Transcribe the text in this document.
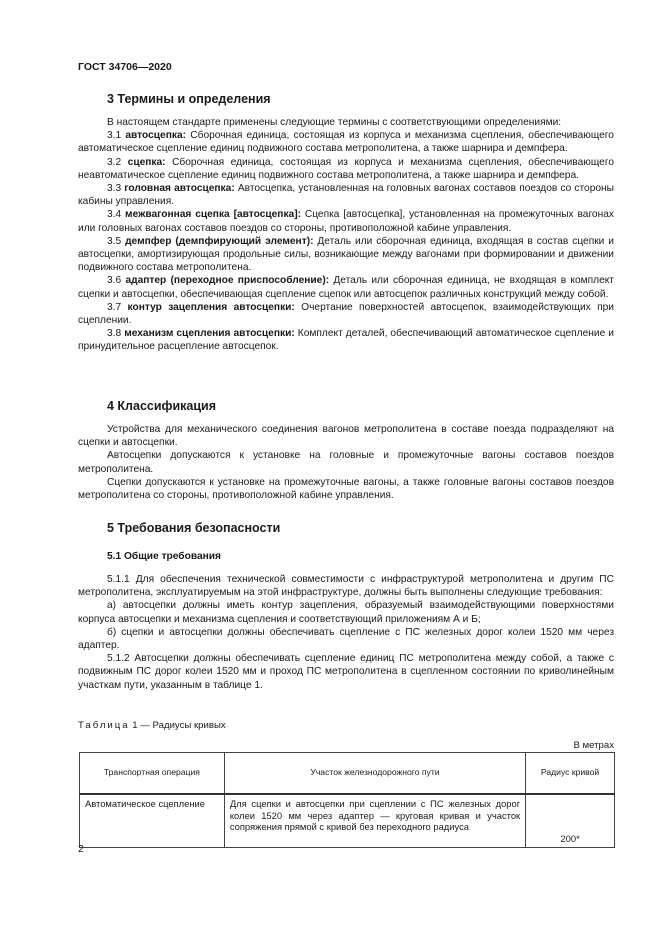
ГОСТ 34706—2020
3 Термины и определения

В настоящем стандарте применены следующие термины с соответствующими определениями:

3.1 автосцепка: Сборочная единица, состоящая из корпуса и механизма сцепления, обеспечивающего автоматическое сцепление единиц подвижного состава метрополитена, а также шарнира и демпфера.

3.2 сцепка: Сборочная единица, состоящая из корпуса и механизма сцепления, обеспечивающего неавтоматическое сцепление единиц подвижного состава метрополитена, а также шарнира и демпфера.

3.3 головная автосцепка: Автосцепка, установленная на головных вагонах составов поездов со стороны кабины управления.

3.4 межвагонная сцепка [автосцепка]: Сцепка [автосцепка], установленная на промежуточных вагонах или головных вагонах составов поездов со стороны, противоположной кабине управления.

3.5 демпфер (демпфирующий элемент): Деталь или сборочная единица, входящая в состав сцепки и автосцепки, амортизирующая продольные силы, возникающие между вагонами при формировании и движении подвижного состава метрополитена.

3.6 адаптер (переходное приспособление): Деталь или сборочная единица, не входящая в комплект сцепки и автосцепки, обеспечивающая сцепление сцепок или автосцепок различных конструкций между собой.

3.7 контур зацепления автосцепки: Очертание поверхностей автосцепок, взаимодействующих при сцеплении.

3.8 механизм сцепления автосцепки: Комплект деталей, обеспечивающий автоматическое сцепление и принудительное расцепление автосцепок.

4 Классификация

Устройства для механического соединения вагонов метрополитена в составе поезда подразделяют на сцепки и автосцепки.

Автосцепки допускаются к установке на головные и промежуточные вагоны составов поездов метрополитена.

Сцепки допускаются к установке на промежуточные вагоны, а также головные вагоны составов поездов метрополитена со стороны, противоположной кабине управления.

5 Требования безопасности
5.1 Общие требования

5.1.1 Для обеспечения технической совместимости с инфраструктурой метрополитена и другим ПС метрополитена, эксплуатируемым на этой инфраструктуре, должны быть выполнены следующие требования:

а) автосцепки должны иметь контур зацепления, образуемый взаимодействующими поверхностями корпуса автосцепки и механизма сцепления и соответствующий приложениям А и Б;

б) сцепки и автосцепки должны обеспечивать сцепление с ПС железных дорог колеи 1520 мм через адаптер.

5.1.2 Автосцепки должны обеспечивать сцепление единиц ПС метрополитена между собой, а также с подвижным ПС дорог колеи 1520 мм и проход ПС метрополитена в сцепленном состоянии по криволинейным участкам пути, указанным в таблице 1.

Таблица 1 — Радиусы кривых
В метрах
Транспортная операция	Участок железнодорожного пути	Радиус кривой
Автоматическое сцепление	Для сцепки и автосцепки при сцеплении с ПС железных дорог колеи 1520 мм через адаптер — круговая кривая и участок сопряжения прямой с кривой без переходного радиуса	200*
2
